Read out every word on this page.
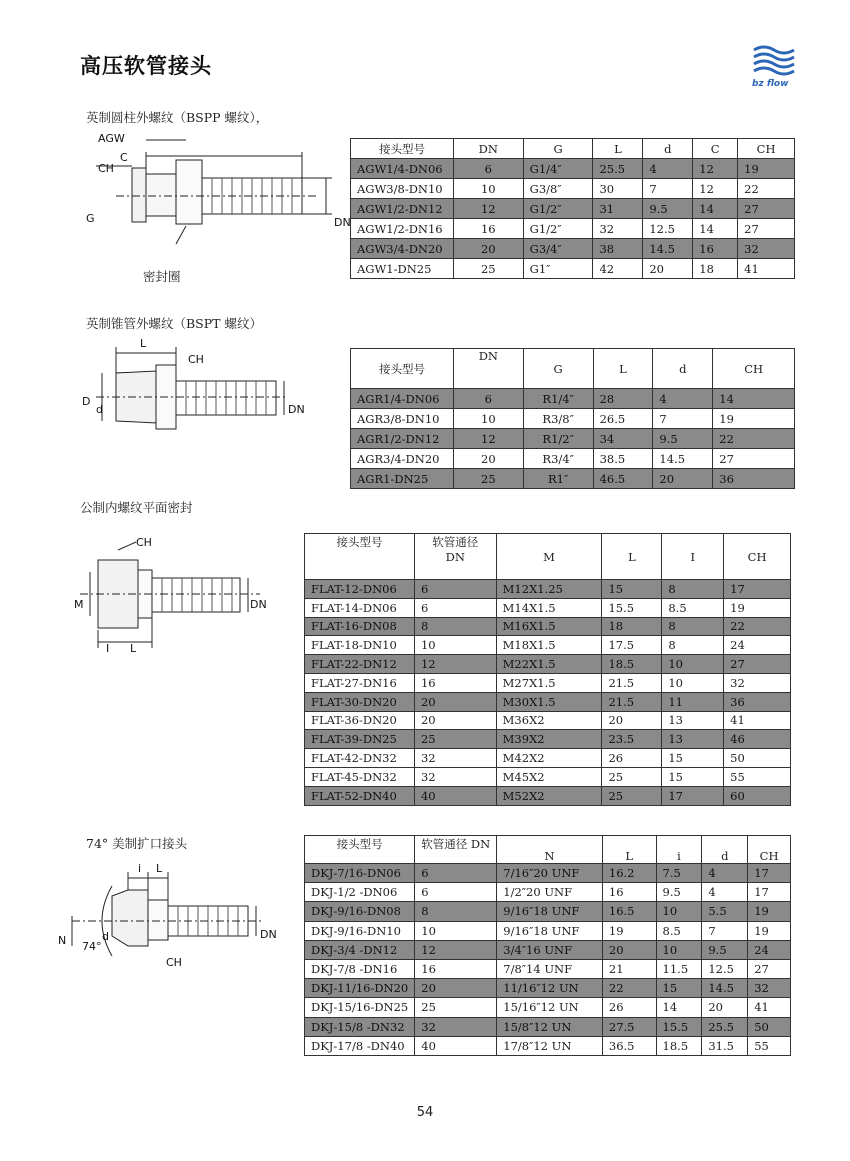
高压软管接头
bz flow
英制圆柱外螺纹（BSPP 螺纹），
AGW
C
CH
G	DN
密封圈
接头型号	DN	G	L	d	C	CH
AGW1/4-DN06	6	G1/4″	25.5	4	12	19
AGW3/8-DN10	10	G3/8″	30	7	12	22
AGW1/2-DN12	12	G1/2″	31	9.5	14	27
AGW1/2-DN16	16	G1/2″	32	12.5	14	27
AGW3/4-DN20	20	G3/4″	38	14.5	16	32
AGW1-DN25	25	G1″	42	20	18	41
英制锥管外螺纹（BSPT 螺纹）
L
CH
D
d	DN
接头型号	DN	G	L	d	CH
AGR1/4-DN06	6	R1/4″	28	4	14
AGR3/8-DN10	10	R3/8″	26.5	7	19
AGR1/2-DN12	12	R1/2″	34	9.5	22
AGR3/4-DN20	20	R3/4″	38.5	14.5	27
AGR1-DN25	25	R1″	46.5	20	36
公制内螺纹平面密封
CH
M	DN
I L
接头型号	软管通径
DN	M	L	I	CH
FLAT-12-DN06	6	M12X1.25	15	8	17
FLAT-14-DN06	6	M14X1.5	15.5	8.5	19
FLAT-16-DN08	8	M16X1.5	18	8	22
FLAT-18-DN10	10	M18X1.5	17.5	8	24
FLAT-22-DN12	12	M22X1.5	18.5	10	27
FLAT-27-DN16	16	M27X1.5	21.5	10	32
FLAT-30-DN20	20	M30X1.5	21.5	11	36
FLAT-36-DN20	20	M36X2	20	13	41
FLAT-39-DN25	25	M39X2	23.5	13	46
FLAT-42-DN32	32	M42X2	26	15	50
FLAT-45-DN32	32	M45X2	25	15	55
FLAT-52-DN40	40	M52X2	25	17	60
74° 美制扩口接头
i L
N 74°
d	DN
CH
接头型号	软管通径 DN	N	L	i	d	CH
DKJ-7/16-DN06	6	7/16″20 UNF	16.2	7.5	4	17
DKJ-1/2 -DN06	6	1/2″20 UNF	16	9.5	4	17
DKJ-9/16-DN08	8	9/16″18 UNF	16.5	10	5.5	19
DKJ-9/16-DN10	10	9/16″18 UNF	19	8.5	7	19
DKJ-3/4 -DN12	12	3/4″16 UNF	20	10	9.5	24
DKJ-7/8 -DN16	16	7/8″14 UNF	21	11.5	12.5	27
DKJ-11/16-DN20	20	11/16″12 UN	22	15	14.5	32
DKJ-15/16-DN25	25	15/16″12 UN	26	14	20	41
DKJ-15/8 -DN32	32	15/8″12 UN	27.5	15.5	25.5	50
DKJ-17/8 -DN40	40	17/8″12 UN	36.5	18.5	31.5	55
54
